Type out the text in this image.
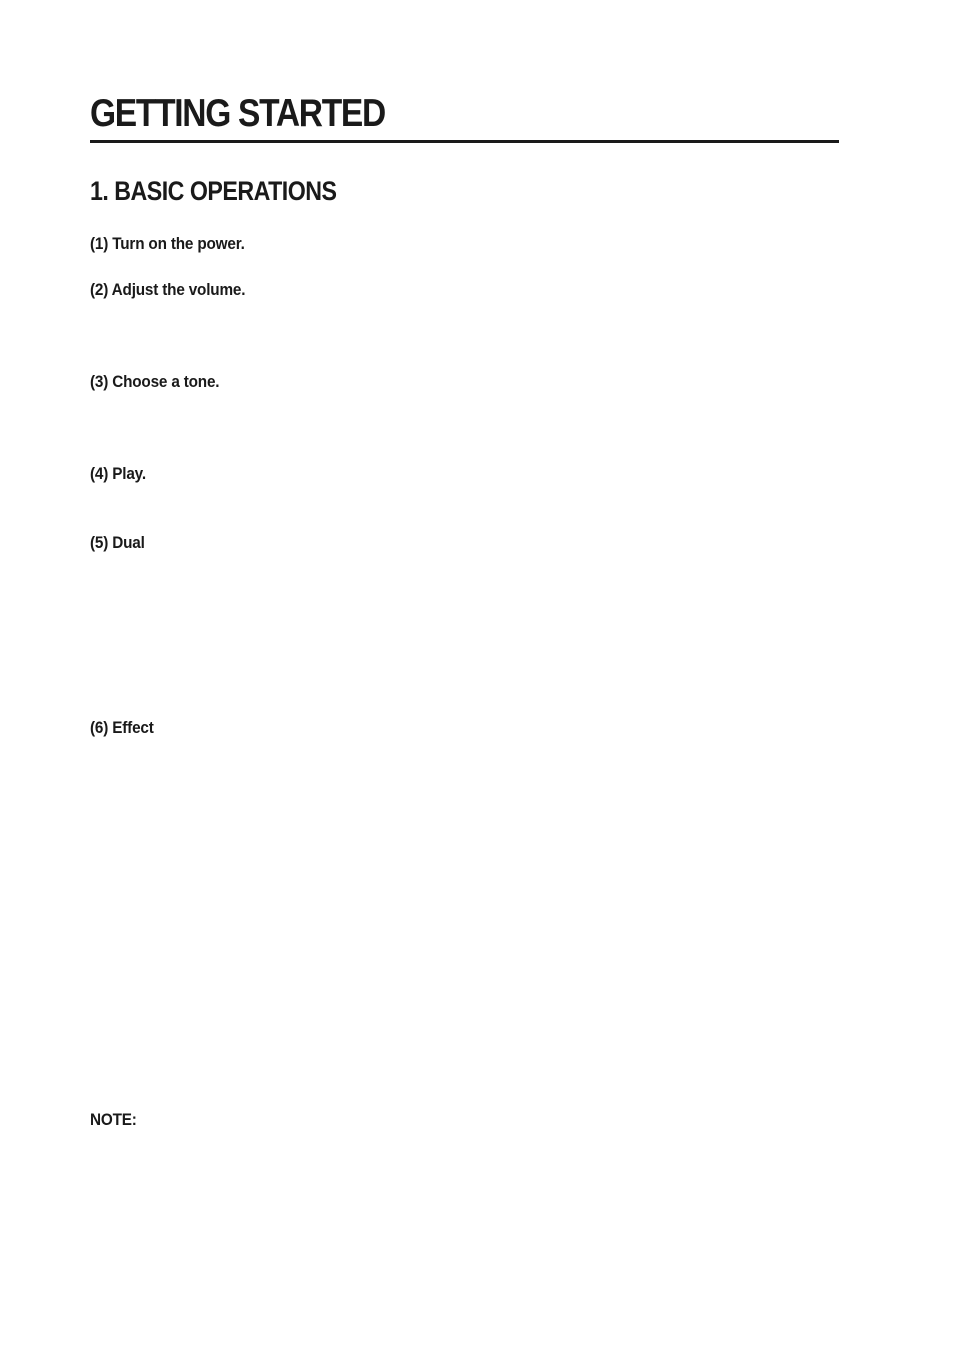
GETTING STARTED
1. BASIC OPERATIONS

(1) Turn on the power.

(2) Adjust the volume.

(3) Choose a tone.

(4) Play.

(5) Dual

(6) Effect

NOTE:
